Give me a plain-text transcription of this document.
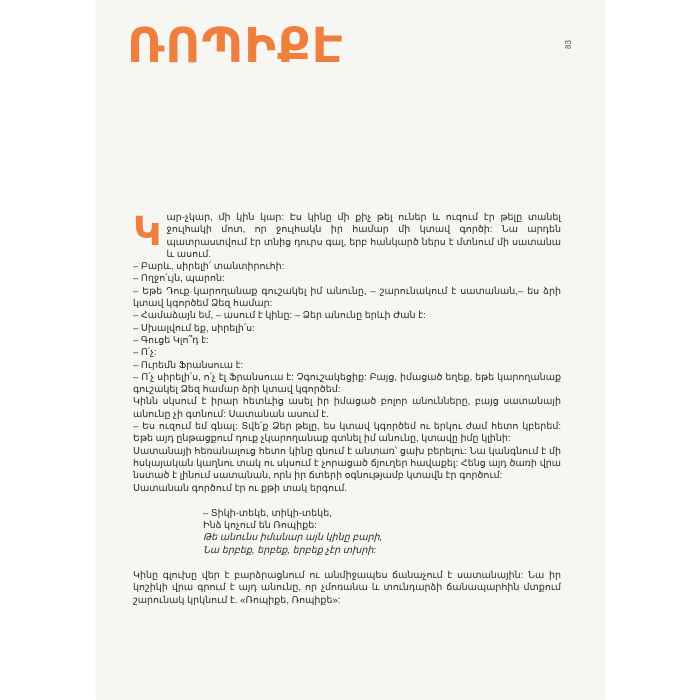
ՌՈՊԻՔԷ	83

Կ ար-չկար, մի կին կար: Էս կինը մի քիչ թել ուներ և ուզում էր թելը տանել ջուլհակի մոտ, որ ջուլհակն իր համար մի կտավ գործի: Նա արդեն պատրաստվում էր տնից դուրս գալ, երբ հանկարծ ներս է մտնում մի սատանա և ասում.

– Բարև, սիրելի՛ տանտիրուհի:

– Ողջո՛ւյն, պարոն:

– Եթե Դուք կարողանաք գուշակել իմ անունը, – շարունակում է սատանան,– ես ձրի կտավ կգործեմ Ձեզ համար:

– Համաձայն եմ, – ասում է կինը: – Ձեր անունը երևի Ժան է:

– Սխալվում եք, սիրելի՛ս:

– Գուցե Կլո՞դ է:

– Ո՛չ:

– Ուրեմն Ֆրանսուա է:

– Ո՛չ սիրելի՛ս, ո՛չ էլ Ֆրանսուա է: Չգուշակեցիք: Բայց, իմացած եղեք, եթե կարողանաք գուշակել Ձեզ համար ձրի կտավ կգործեմ:

Կինն սկսում է իրար հետևից ասել իր իմացած բոլոր անունները, բայց սատանայի անունը չի գտնում: Սատանան ասում է.

– Ես ուզում եմ գնալ: Տվե՛ք Ձեր թելը, ես կտավ կգործեմ ու երկու ժամ հետո կբերեմ: Եթե այդ ընթացքում դուք չկարողանաք գտնել իմ անունը, կտավը իմը կլինի:

Սատանայի հեռանալուց հետո կինը գնում է անտառ՝ ցախ բերելու: Նա կանգնում է մի հսկայական կաղնու տակ ու սկսում է չորացած ճյուղեր հավաքել: Հենց այդ ծառի վրա նստած է լինում սատանան, որն իր ճտերի օգնությամբ կտավն էր գործում:

Սատանան գործում էր ու քթի տակ երգում.

– Տիկի-տեկե, տիկի-տեկե,
Ինձ կոչում են Ռոպիքե:
Թե անունս իմանար այն կինը բարի,
Նա երբեք, երբեք, երբեք չէր տխրի:

Կինը գլուխը վեր է բարձրացնում ու անմիջապես ճանաչում է սատանային: Նա իր կոշիկի վրա գրում է այդ անունը, որ չմոռանա և տունդարձի ճանապարհին մտքում շարունակ կրկնում է. «Ռոպիքե, Ռոպիքե»:
